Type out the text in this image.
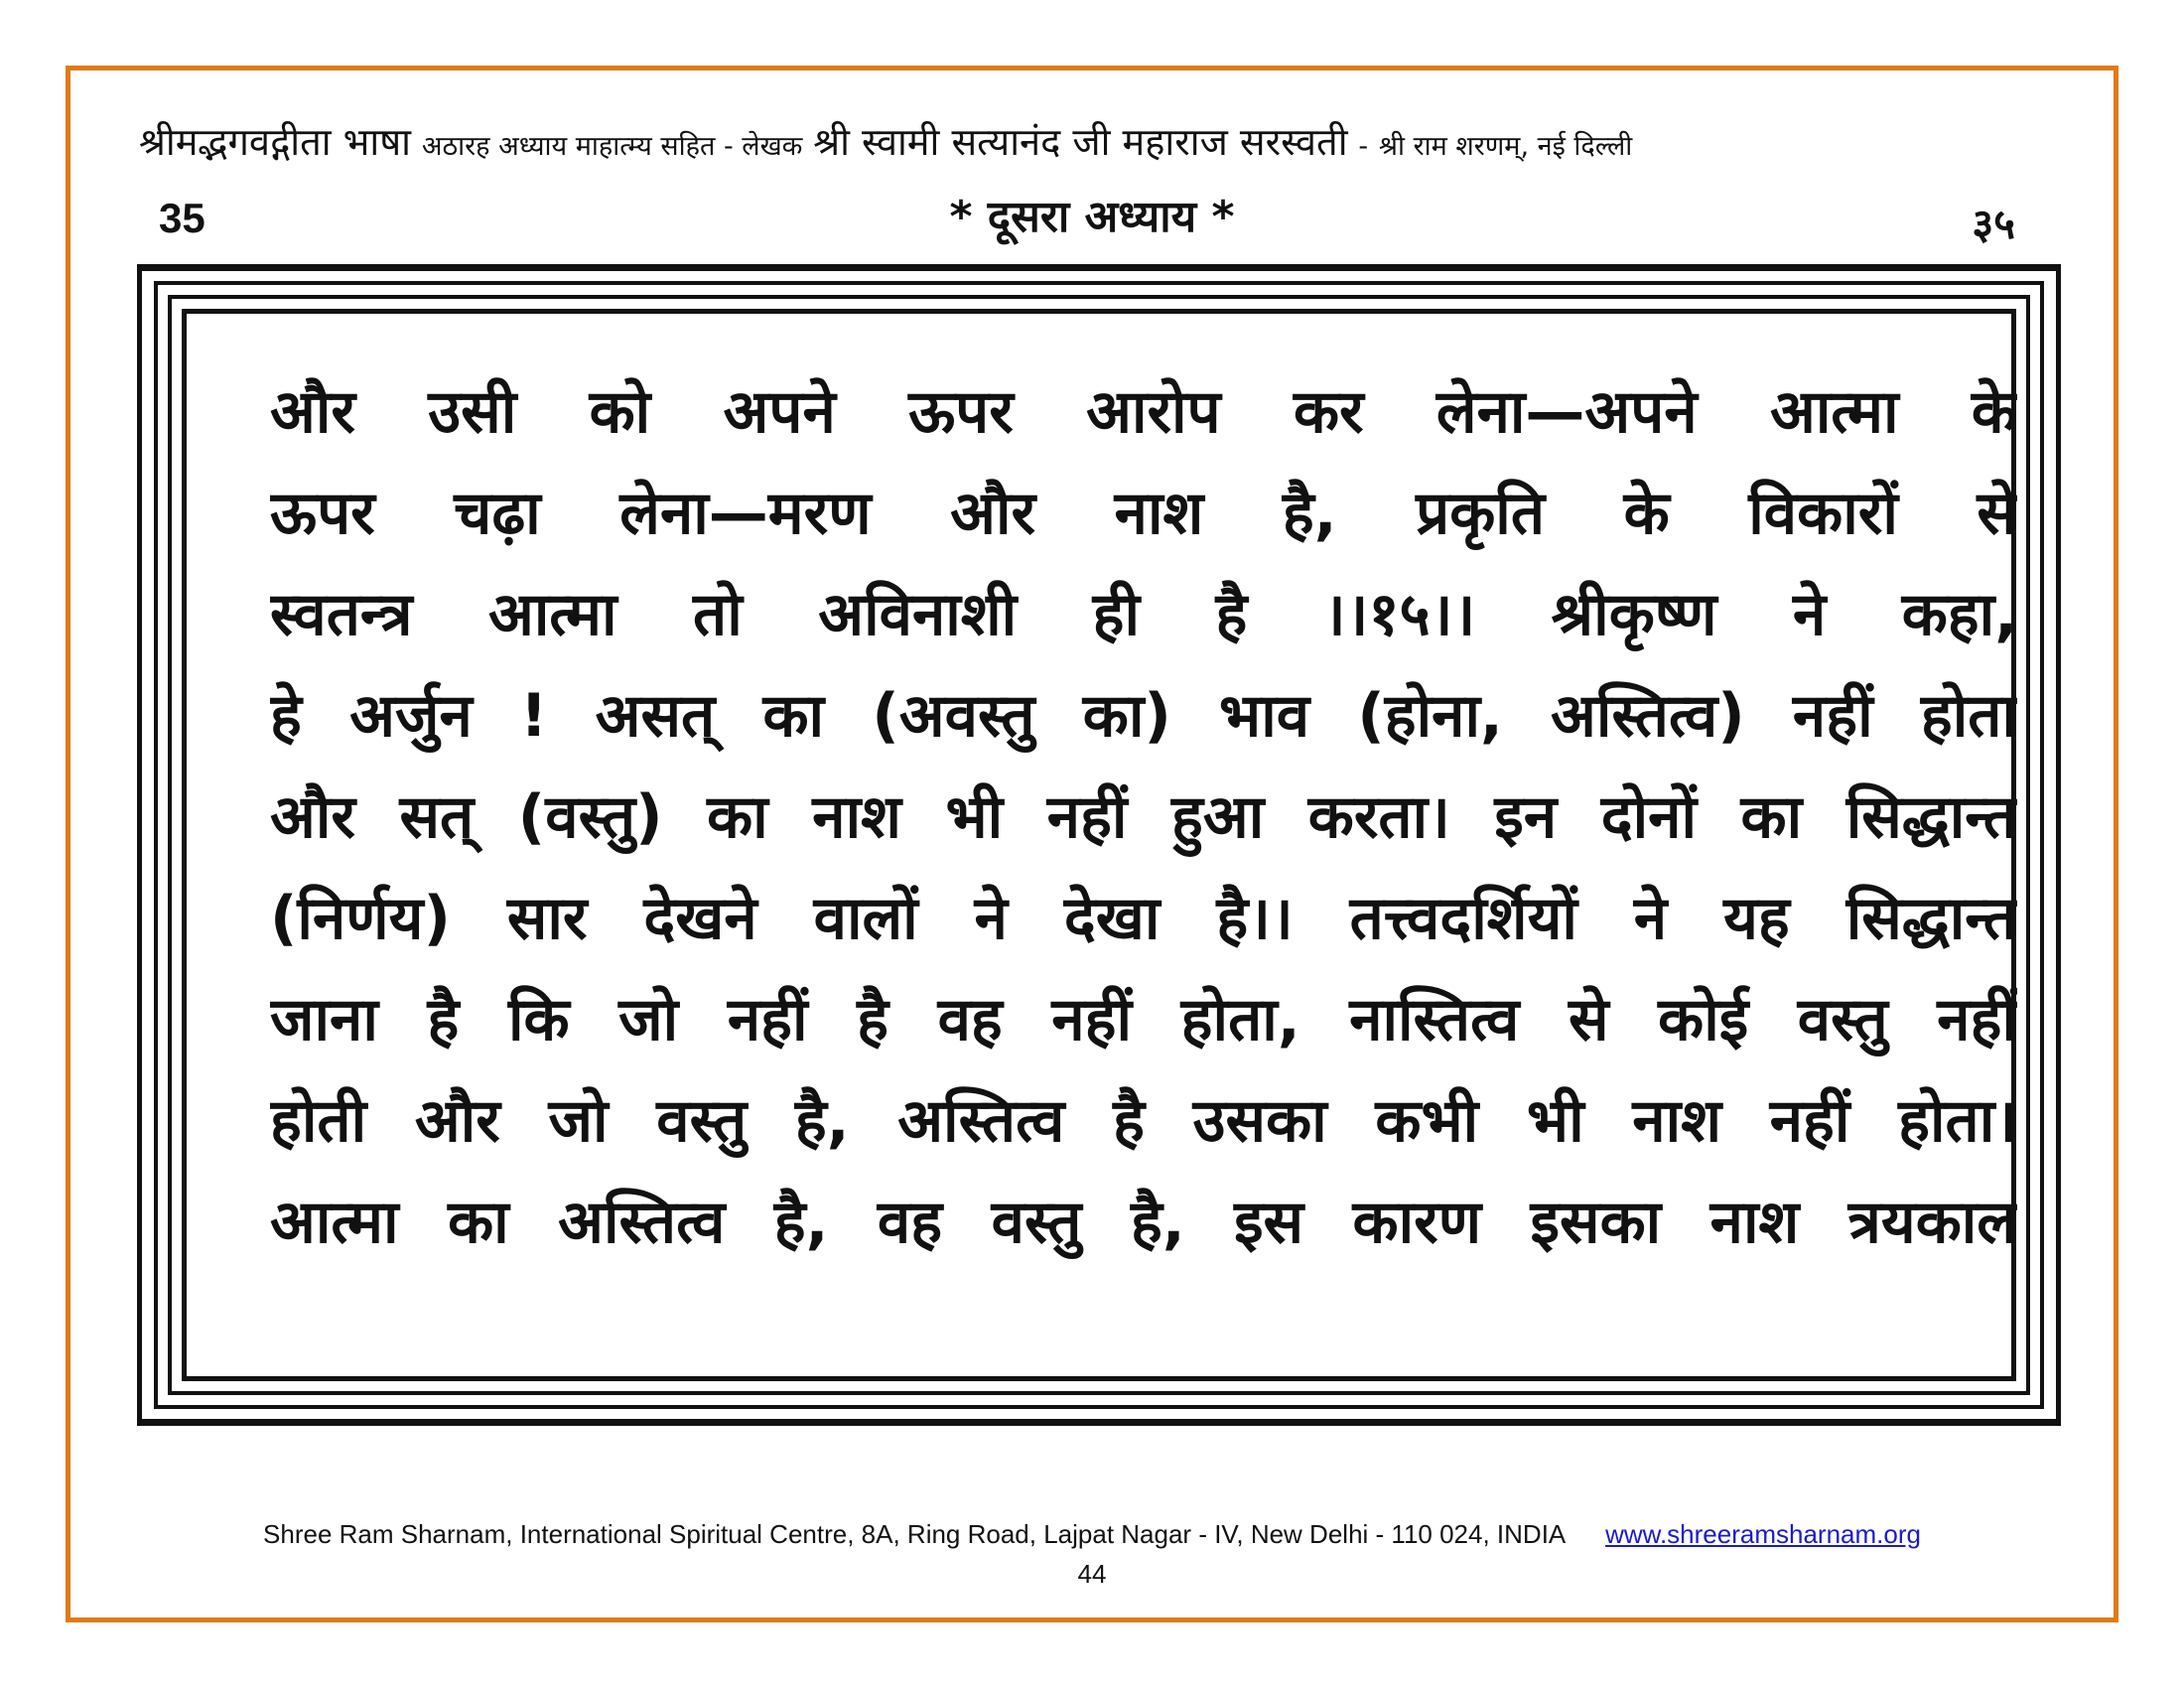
श्रीमद्भगवद्गीता भाषा अठारह अध्याय माहात्म्य सहित - लेखक श्री स्वामी सत्यानंद जी महाराज सरस्वती - श्री राम शरणम्, नई दिल्ली
35	* दूसरा अध्याय *	३५
और उसी को अपने ऊपर आरोप कर लेना—अपने आत्मा के
ऊपर चढ़ा लेना—मरण और नाश है, प्रकृति के विकारों से
स्वतन्त्र आत्मा तो अविनाशी ही है ।।१५।। श्रीकृष्ण ने कहा,
हे अर्जुन ! असत् का (अवस्तु का) भाव (होना, अस्तित्व) नहीं होता
और सत् (वस्तु) का नाश भी नहीं हुआ करता। इन दोनों का सिद्धान्त
(निर्णय) सार देखने वालों ने देखा है।। तत्त्वदर्शियों ने यह सिद्धान्त
जाना है कि जो नहीं है वह नहीं होता, नास्तित्व से कोई वस्तु नहीं
होती और जो वस्तु है, अस्तित्व है उसका कभी भी नाश नहीं होता।
आत्मा का अस्तित्व है, वह वस्तु है, इस कारण इसका नाश त्रयकाल
Shree Ram Sharnam, International Spiritual Centre, 8A, Ring Road, Lajpat Nagar - IV, New Delhi - 110 024, INDIA www.shreeramsharnam.org
44
